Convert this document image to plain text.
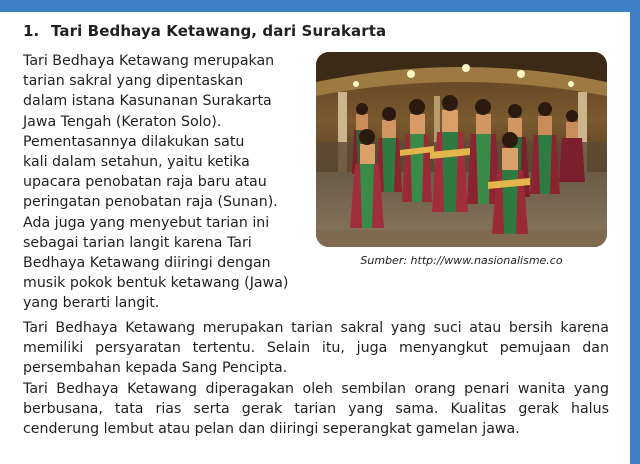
1. Tari Bedhaya Ketawang, dari Surakarta
Tari Bedhaya Ketawang merupakan
tarian sakral yang dipentaskan
dalam istana Kasunanan Surakarta
Jawa Tengah (Keraton Solo).
Pementasannya dilakukan satu
kali dalam setahun, yaitu ketika
upacara penobatan raja baru atau
peringatan penobatan raja (Sunan).
Ada juga yang menyebut tarian ini
sebagai tarian langit karena Tari
Bedhaya Ketawang diiringi dengan
musik pokok bentuk ketawang (Jawa)
yang berarti langit.
Sumber: http://www.nasionalisme.co
Tari Bedhaya Ketawang merupakan tarian sakral yang suci atau bersih karena memiliki persyaratan tertentu. Selain itu, juga menyangkut pemujaan dan persembahan kepada Sang Pencipta.
Tari Bedhaya Ketawang diperagakan oleh sembilan orang penari wanita yang berbusana, tata rias serta gerak tarian yang sama. Kualitas gerak halus cenderung lembut atau pelan dan diiringi seperangkat gamelan jawa.
